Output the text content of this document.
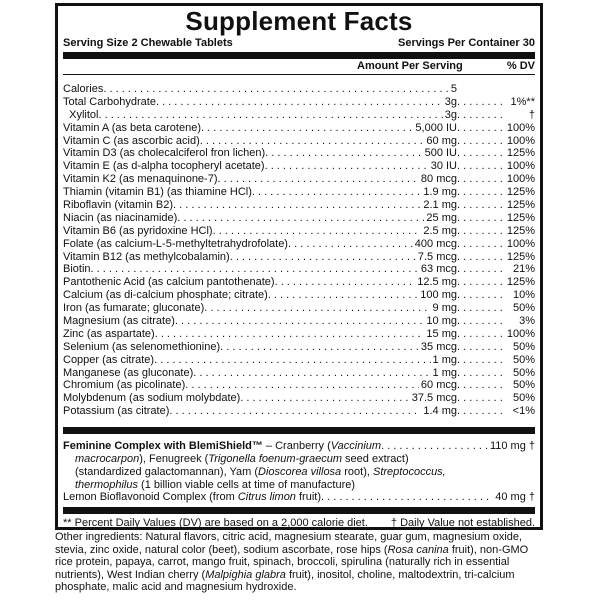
Supplement Facts
Serving Size 2 Chewable Tablets	Servings Per Container 30
Amount Per Serving	% DV
Calories . . .	5
Total Carbohydrate . . .	3g . . .	1%**
Xylitol . . .	3g . . .	†
Vitamin A (as beta carotene) . . .	5,000 IU . . .	100%
Vitamin C (as ascorbic acid) . . .	60 mg . . .	100%
Vitamin D3 (as cholecalciferol fron lichen) . . .	500 IU . . .	125%
Vitamin E (as d-alpha tocopheryl acetate) . . .	30 IU . . .	100%
Vitamin K2 (as menaquinone-7) . . .	80 mcg . . .	100%
Thiamin (vitamin B1) (as thiamine HCl) . . .	1.9 mg . . .	125%
Riboflavin (vitamin B2) . . .	2.1 mg . . .	125%
Niacin (as niacinamide) . . .	25 mg . . .	125%
Vitamin B6 (as pyridoxine HCl) . . .	2.5 mg . . .	125%
Folate (as calcium-L-5-methyltetrahydrofolate) . . .	400 mcg . . .	100%
Vitamin B12 (as methylcobalamin) . . .	7.5 mcg . . .	125%
Biotin . . .	63 mcg . . .	21%
Pantothenic Acid (as calcium pantothenate) . . .	12.5 mg . . .	125%
Calcium (as di-calcium phosphate; citrate) . . .	100 mg . . .	10%
Iron (as fumarate; gluconate) . . .	9 mg . . .	50%
Magnesium (as citrate) . . .	10 mg . . .	3%
Zinc (as aspartate) . . .	15 mg . . .	100%
Selenium (as selenomethionine) . . .	35 mcg . . .	50%
Copper (as citrate) . . .	1 mg . . .	50%
Manganese (as gluconate) . . .	1 mg . . .	50%
Chromium (as picolinate) . . .	60 mcg . . .	50%
Molybdenum (as sodium molybdate) . . .	37.5 mcg . . .	50%
Potassium (as citrate) . . .	1.4 mg . . .	<1%
Feminine Complex with BlemiShield™ – Cranberry (Vaccinium . . .	110 mg †
macrocarpon), Fenugreek (Trigonella foenum-graecum seed extract)
(standardized galactomannan), Yam (Dioscorea villosa root), Streptococcus,
thermophilus (1 billion viable cells at time of manufacture)
Lemon Bioflavonoid Complex (from Citrus limon fruit) . . .	40 mg †
** Percent Daily Values (DV) are based on a 2,000 calorie diet. † Daily Value not established.
Other ingredients: Natural flavors, citric acid, magnesium stearate, guar gum, magnesium oxide, stevia, zinc oxide, natural color (beet), sodium ascorbate, rose hips (Rosa canina fruit), non-GMO rice protein, papaya, carrot, mango fruit, spinach, broccoli, spirulina (naturally rich in essential nutrients), West Indian cherry (Malpighia glabra fruit), inositol, choline, maltodextrin, tri-calcium phosphate, malic acid and magnesium hydroxide.
